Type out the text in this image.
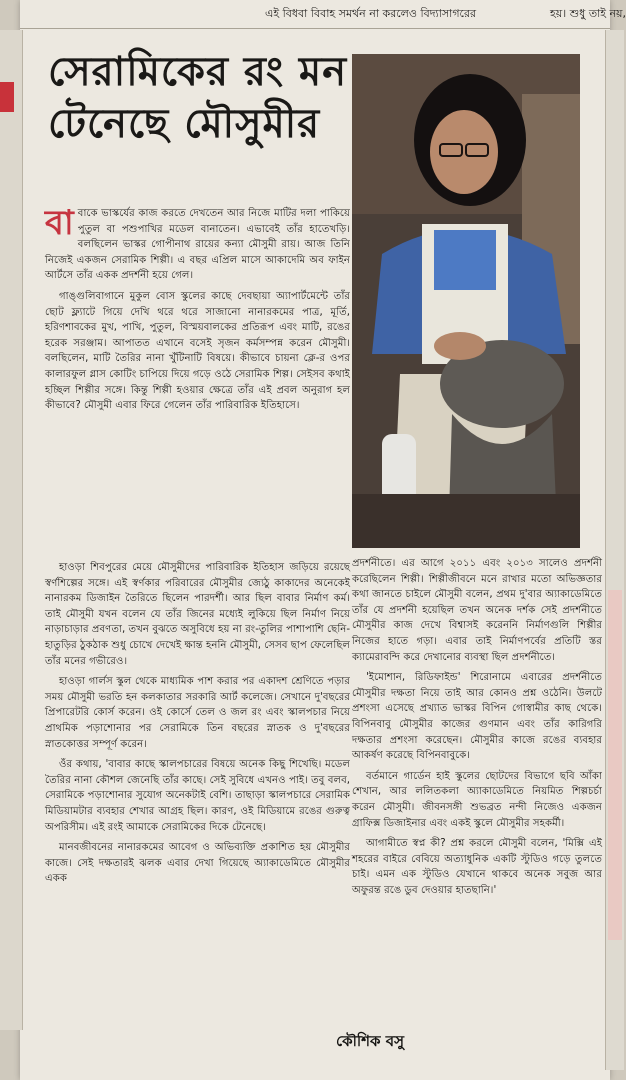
এই বিধবা বিবাহ সমর্থন না করলেও বিদ্যাসাগরের	হয়। শুধু তাই নয়,
সেরামিকের রং মন
টেনেছে মৌসুমীর

বাবাকে ভাস্কর্যের কাজ করতে দেখতেন আর নিজে মাটির দলা পাকিয়ে পুতুল বা পশুপাখির মডেল বানাতেন। এভাবেই তাঁর হাতেখড়ি। বলছিলেন ভাস্কর গোপীনাথ রায়ের কন্যা মৌসুমী রায়। আজ তিনি নিজেই একজন সেরামিক শিল্পী। এ বছর এপ্রিল মাসে আকাদেমি অব ফাইন আর্টসে তাঁর একক প্রদর্শনী হয়ে গেল।

গাঙ্গুলিবাগানে মুকুল বোস স্কুলের কাছে দেবছায়া অ্যাপার্টমেন্টে তাঁর ছোট ফ্ল্যাটে গিয়ে দেখি থরে থরে সাজানো নানারকমের পাত্র, মূর্তি, হরিণশাবকের মুখ, পাখি, পুতুল, বিস্ময়বালকের প্রতিরূপ এবং মাটি, রঙের হরেক সরঞ্জাম। আপাতত এখানে বসেই সৃজন কর্মসম্পন্ন করেন মৌসুমী। বলছিলেন, মাটি তৈরির নানা খুঁটিনাটি বিষয়ে। কীভাবে চায়না ক্লে-র ওপর কালারফুল গ্লাস কোটিং চাপিয়ে দিয়ে গড়ে ওঠে সেরামিক শিল্প। সেইসব কথাই হচ্ছিল শিল্পীর সঙ্গে। কিন্তু শিল্পী হওয়ার ক্ষেত্রে তাঁর এই প্রবল অনুরাগ হল কীভাবে? মৌসুমী এবার ফিরে গেলেন তাঁর পারিবারিক ইতিহাসে।

হাওড়া শিবপুরের মেয়ে মৌসুমীদের পারিবারিক ইতিহাস জড়িয়ে রয়েছে স্বর্ণশিল্পের সঙ্গে। এই স্বর্ণকার পরিবারের মৌসুমীর জ্যেঠু কাকাদের অনেকেই নানারকম ডিজাইন তৈরিতে ছিলেন পারদর্শী। আর ছিল বাবার নির্মাণ কর্ম। তাই মৌসুমী যখন বলেন যে তাঁর জিনের মধ্যেই লুকিয়ে ছিল নির্মাণ নিয়ে নাড়াচাড়ার প্রবণতা, তখন বুঝতে অসুবিধে হয় না রং-তুলির পাশাপাশি ছেনি-হাতুড়ির ঠুকঠাক শুধু চোখে দেখেই ক্ষান্ত হননি মৌসুমী, সেসব ছাপ ফেলেছিল তাঁর মনের গভীরেও।

হাওড়া গার্লস স্কুল থেকে মাধ্যমিক পাশ করার পর একাদশ শ্রেণিতে পড়ার সময় মৌসুমী ভরতি হন কলকাতার সরকারি আর্ট কলেজে। সেখানে দু'বছরের প্রিপারেটরি কোর্স করেন। ওই কোর্সে তেল ও জল রং এবং স্কালপচার নিয়ে প্রাথমিক পড়াশোনার পর সেরামিকে তিন বছরের স্নাতক ও দু'বছরের স্নাতকোত্তর সম্পূর্ণ করেন।

ওঁর কথায়, 'বাবার কাছে স্কালপচারের বিষয়ে অনেক কিছু শিখেছি। মডেল তৈরির নানা কৌশল জেনেছি তাঁর কাছে। সেই সুবিধে এখনও পাই। তবু বলব, সেরামিকে পড়াশোনার সুযোগ অনেকটাই বেশি। তাছাড়া স্কালপচারে সেরামিক মিডিয়ামটার ব্যবহার শেখার আগ্রহ ছিল। কারণ, ওই মিডিয়ামে রঙের গুরুত্ব অপরিসীম। এই রংই আমাকে সেরামিকের দিকে টেনেছে।

মানবজীবনের নানারকমের আবেগ ও অভিব্যক্তি প্রকাশিত হয় মৌসুমীর কাজে। সেই দক্ষতারই ঝলক এবার দেখা গিয়েছে অ্যাকাডেমিতে মৌসুমীর একক

প্রদর্শনীতে। এর আগে ২০১১ এবং ২০১৩ সালেও প্রদর্শনী করেছিলেন শিল্পী। শিল্পীজীবনে মনে রাখার মতো অভিজ্ঞতার কথা জানতে চাইলে মৌসুমী বলেন, প্রথম দু'বার অ্যাকাডেমিতে তাঁর যে প্রদর্শনী হয়েছিল তখন অনেক দর্শক সেই প্রদর্শনীতে মৌসুমীর কাজ দেখে বিশ্বাসই করেননি নির্মাণগুলি শিল্পীর নিজের হাতে গড়া। এবার তাই নির্মাণপর্বের প্রতিটি স্তর ক্যামেরাবন্দি করে দেখানোর ব্যবস্থা ছিল প্রদর্শনীতে।

'ইমোশান, রিডিফাইন্ড' শিরোনামে এবারের প্রদর্শনীতে মৌসুমীর দক্ষতা নিয়ে তাই আর কোনও প্রশ্ন ওঠেনি। উলটে প্রশংসা এসেছে প্রখ্যাত ভাস্কর বিপিন গোস্বামীর কাছ থেকে। বিপিনবাবু মৌসুমীর কাজের গুণমান এবং তাঁর কারিগরি দক্ষতার প্রশংসা করেছেন। মৌসুমীর কাজে রঙের ব্যবহার আকর্ষণ করেছে বিপিনবাবুকে।

বর্তমানে গার্ডেন হাই স্কুলের ছোটদের বিভাগে ছবি আঁকা শেখান, আর ললিতকলা অ্যাকাডেমিতে নিয়মিত শিল্পচর্চা করেন মৌসুমী। জীবনসঙ্গী শুভব্রত নন্দী নিজেও একজন গ্রাফিক্স ডিজাইনার এবং একই স্কুলে মৌসুমীর সহকর্মী।

আগামীতে স্বপ্ন কী? প্রশ্ন করলে মৌসুমী বলেন, 'মিক্সি এই শহরের বাইরে বেবিয়ে অত্যাধুনিক একটি স্টুডিও গড়ে তুলতে চাই। এমন এক স্টুডিও যেখানে থাকবে অনেক সবুজ আর অফুরন্ত রঙে ডুব দেওয়ার হাতছানি।'

কৌশিক বসু
